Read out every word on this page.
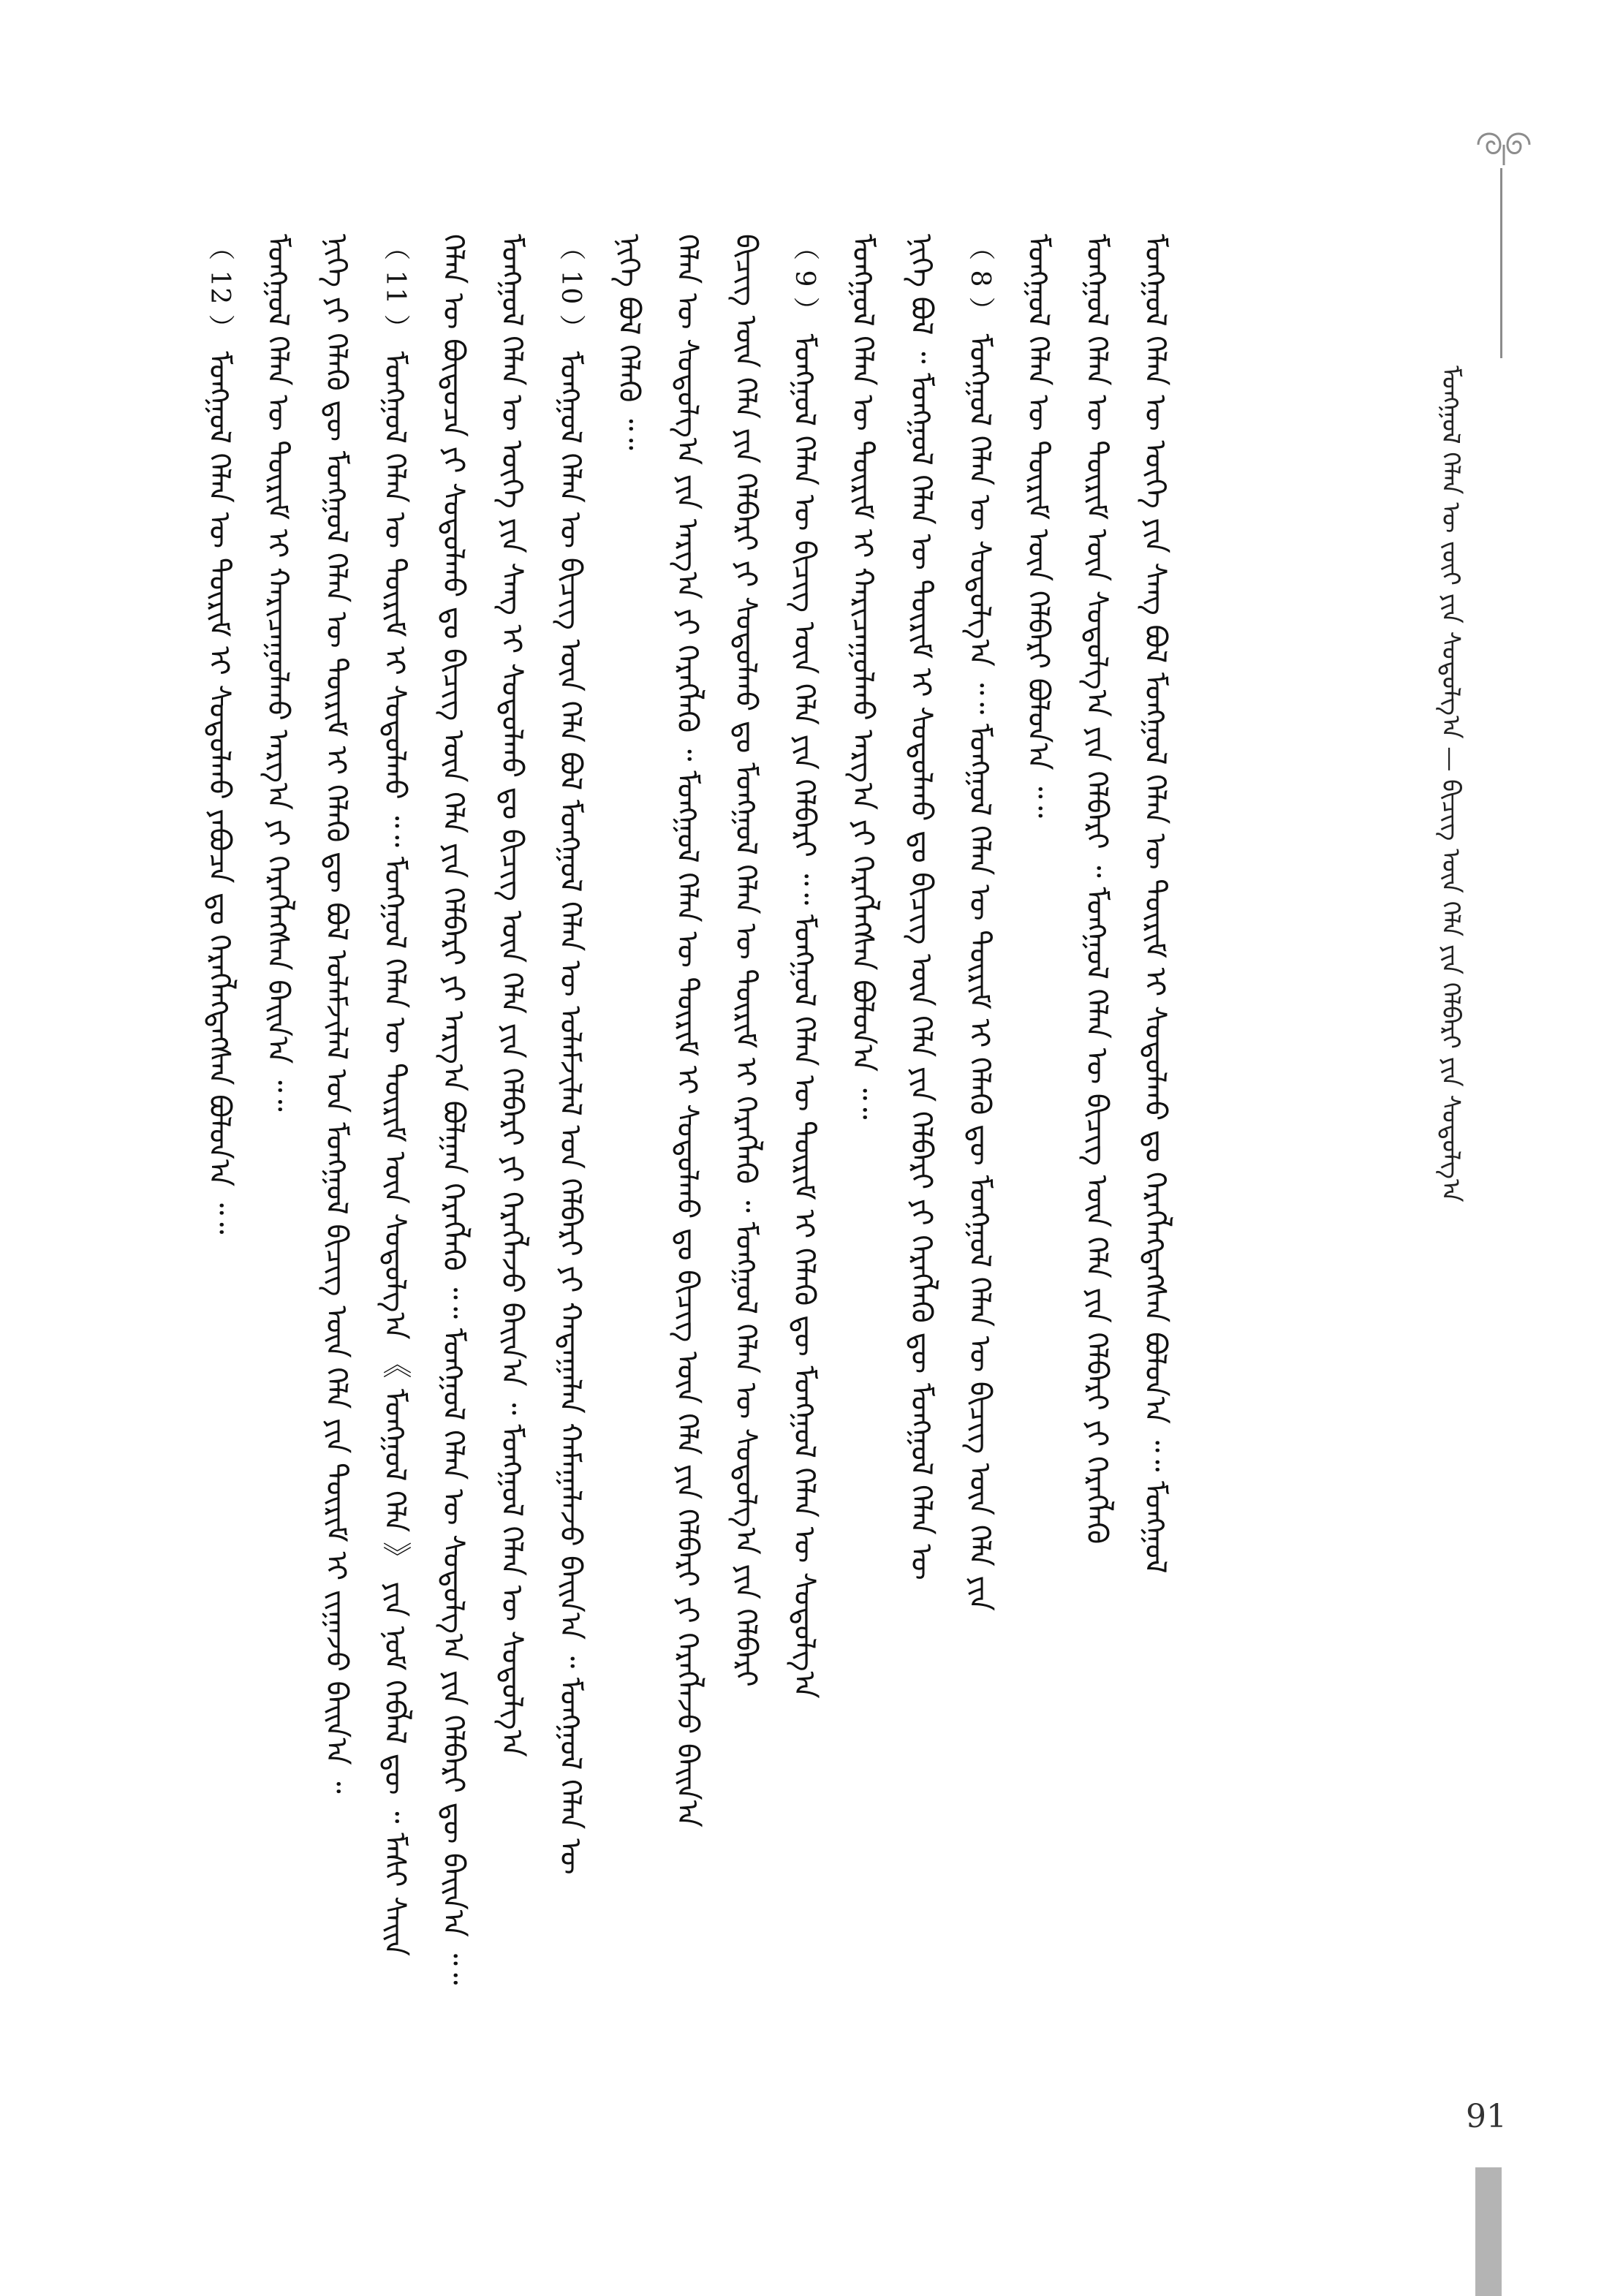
ᠮᠣᠩᠭᠣᠯ ᠬᠡᠯᠡᠨ ᠦ ᠵᠦᠢ ᠶᠢᠨ ᠰᠤᠳᠤᠯᠭ᠎ᠠ — ᠪᠢᠴᠢᠭ᠌ ᠦᠨ ᠬᠡᠯᠡ ᠶᠢᠨ ᠬᠡᠯᠪᠡᠷᠢ ᠶᠢᠨ ᠰᠤᠳᠤᠯᠭ᠎ᠠ
（ 12 ） ᠮᠣᠩᠭᠣᠯ ᠬᠡᠯᠡᠨ ᠦ ᠳᠦᠷᠢᠮ ᠢ ᠰᠤᠳᠤᠯᠬᠤ ᠶᠠᠪᠤᠴᠠ ᠳᠤ ᠬᠡᠷᠡᠭᠯᠡᠭᠳᠡᠭᠰᠡᠨ ᠪᠤᠯᠤᠨ᠎ᠠ ᠃᠃ ᠮᠣᠩᠭᠣᠯ ᠬᠡᠯᠡᠨ ᠦ ᠳᠦᠷᠢᠮ ᠢ ᠬᠠᠷᠢᠴᠠᠭᠤᠯᠬᠤ ᠠᠷᠭ᠎ᠠ ᠶᠢ ᠬᠡᠷᠡᠭᠯᠡᠭᠰᠡᠨ ᠪᠠᠢᠨ᠎ᠠ ᠃᠃ ᠨᠢᠭᠡ ᠶᠢ ᠬᠡᠯᠡᠬᠦ ᠳᠦ ᠮᠣᠩᠭᠣᠯ ᠬᠡᠯᠡᠨ ᠦ ᠳᠦᠷᠢᠮ ᠢ ᠬᠡᠯᠡᠬᠦ ᠳᠦ ᠪᠣᠯ ᠤᠯᠠᠮᠵᠢᠯᠠᠯ ᠤᠨ ᠮᠣᠩᠭᠣᠯ ᠪᠢᠴᠢᠭ ᠦᠨ ᠬᠡᠯᠡ ᠶᠢᠨ ᠳᠦᠷᠢᠮ ᠢ ᠵᠢᠭᠠᠵᠤ ᠪᠠᠢᠨ᠎ᠠ ᠃	（ 11 ） ᠮᠣᠩᠭᠣᠯ ᠬᠡᠯᠡᠨ ᠦ ᠳᠦᠷᠢᠮ ᠢ ᠰᠤᠳᠤᠯᠬᠤ ᠃᠃ ᠮᠣᠩᠭᠣᠯ ᠬᠡᠯᠡᠨ ᠦ ᠳᠦᠷᠢᠮ ᠦᠨ ᠰᠤᠳᠤᠯᠭ᠎ᠠ 《 ᠮᠣᠩᠭᠣᠯ ᠬᠡᠯᠡ 》 ᠶᠢᠨ ᠨᠣᠮ ᠬᠡᠪᠯᠡᠯ ᠳᠦ ᠃ ᠮᠠᠰᠢ ᠰᠠᠢᠨ ᠬᠡᠯᠡᠨ ᠦ ᠪᠦᠲᠦᠴᠡ ᠶᠢ ᠰᠤᠳᠤᠯᠬᠤ ᠳᠤ ᠪᠢᠴᠢᠭ ᠦᠨ ᠬᠡᠯᠡ ᠶᠢᠨ ᠬᠡᠯᠪᠡᠷᠢ ᠶᠢ ᠠᠷᠭ᠎ᠠ ᠪᠣᠯᠭᠠᠨ ᠬᠡᠷᠡᠭᠯᠡᠬᠦ ᠃᠃ ᠮᠣᠩᠭᠣᠯ ᠬᠡᠯᠡᠨ ᠦ ᠰᠤᠳᠤᠯᠭ᠎ᠠ ᠶᠢᠨ ᠬᠡᠯᠪᠡᠷᠢ ᠳᠦ ᠪᠠᠢᠨ᠎ᠠ ᠃᠃ ᠮᠣᠩᠭᠣᠯ ᠬᠡᠯᠡᠨ ᠦ ᠦᠭᠡ ᠶᠢᠨ ᠰᠠᠩ ᠢ ᠰᠤᠳᠤᠯᠬᠤ ᠳᠤ ᠪᠢᠴᠢᠭ ᠦᠨ ᠬᠡᠯᠡ ᠶᠢᠨ ᠬᠡᠯᠪᠡᠷᠢ ᠶᠢ ᠬᠡᠷᠡᠭᠯᠡᠵᠦ ᠪᠠᠢᠨ᠎ᠠ ᠃ ᠮᠣᠩᠭᠣᠯ ᠬᠡᠯᠡᠨ ᠦ ᠰᠤᠳᠤᠯᠭ᠎ᠠ	（ 10 ） ᠮᠣᠩᠭᠣᠯ ᠬᠡᠯᠡᠨ ᠦ ᠪᠢᠴᠢᠭ ᠦᠨ ᠬᠡᠯᠡ ᠪᠣᠯ ᠮᠣᠩᠭᠣᠯ ᠬᠡᠯᠡᠨ ᠦ ᠤᠯᠠᠮᠵᠢᠯᠠᠯ ᠤᠨ ᠬᠡᠯᠪᠡᠷᠢ ᠶᠢ ᠬᠠᠳᠠᠭᠠᠯᠠᠨ ᠬᠠᠮᠠᠭᠠᠯᠠᠵᠤ ᠪᠠᠢᠨ᠎ᠠ ᠃ ᠮᠣᠩᠭᠣᠯ ᠬᠡᠯᠡᠨ ᠦ
ᠨᠢᠭᠡ ᠪᠣᠯ ᠬᠡᠯᠡᠬᠦ ᠃᠃ ᠬᠡᠯᠡᠨ ᠦ ᠰᠤᠳᠤᠯᠭ᠎ᠠ ᠶᠢᠨ ᠠᠷᠭ᠎ᠠ ᠶᠢ ᠬᠡᠷᠡᠭᠯᠡᠬᠦ ᠃ ᠮᠣᠩᠭᠣᠯ ᠬᠡᠯᠡᠨ ᠦ ᠳᠦᠷᠢᠮ ᠢ ᠰᠤᠳᠤᠯᠬᠤ ᠳᠤ ᠪᠢᠴᠢᠭ ᠦᠨ ᠬᠡᠯᠡ ᠶᠢᠨ ᠬᠡᠯᠪᠡᠷᠢ ᠶᠢ ᠬᠡᠷᠡᠭᠯᠡᠵᠦ ᠪᠠᠢᠨ᠎ᠠ ᠪᠢᠴᠢᠭ ᠦᠨ ᠬᠡᠯᠡ ᠶᠢᠨ ᠬᠡᠯᠪᠡᠷᠢ ᠶᠢ ᠰᠤᠳᠤᠯᠬᠤ ᠳᠤ ᠮᠣᠩᠭᠣᠯ ᠬᠡᠯᠡᠨ ᠦ ᠳᠦᠷᠢᠮ ᠢ ᠬᠡᠷᠡᠭᠯᠡᠬᠦ ᠃ ᠮᠣᠩᠭᠣᠯ ᠬᠡᠯᠡᠨ ᠦ ᠰᠤᠳᠤᠯᠭ᠎ᠠ ᠶᠢᠨ ᠬᠡᠯᠪᠡᠷᠢ	（ 9 ） ᠮᠣᠩᠭᠣᠯ ᠬᠡᠯᠡᠨ ᠦ ᠪᠢᠴᠢᠭ ᠦᠨ ᠬᠡᠯᠡ ᠶᠢᠨ ᠬᠡᠯᠪᠡᠷᠢ ᠃᠃ ᠮᠣᠩᠭᠣᠯ ᠬᠡᠯᠡᠨ ᠦ ᠳᠦᠷᠢᠮ ᠢ ᠬᠡᠯᠡᠬᠦ ᠳᠦ ᠮᠣᠩᠭᠣᠯ ᠬᠡᠯᠡᠨ ᠦ ᠰᠤᠳᠤᠯᠭ᠎ᠠ ᠮᠣᠩᠭᠣᠯ ᠬᠡᠯᠡᠨ ᠦ ᠳᠦᠷᠢᠮ ᠢ ᠬᠠᠷᠢᠴᠠᠭᠤᠯᠬᠤ ᠠᠷᠭ᠎ᠠ ᠶᠢ ᠬᠡᠷᠡᠭᠯᠡᠭᠰᠡᠨ ᠪᠣᠯᠤᠨ᠎ᠠ ᠃᠃ ᠨᠢᠭᠡ ᠪᠣᠯ ᠃ ᠮᠣᠩᠭᠣᠯ ᠬᠡᠯᠡᠨ ᠦ ᠳᠦᠷᠢᠮ ᠢ ᠰᠤᠳᠤᠯᠬᠤ ᠳᠤ ᠪᠢᠴᠢᠭ ᠦᠨ ᠬᠡᠯᠡ ᠶᠢᠨ ᠬᠡᠯᠪᠡᠷᠢ ᠶᠢ ᠬᠡᠷᠡᠭᠯᠡᠬᠦ ᠳᠦ ᠮᠣᠩᠭᠣᠯ ᠬᠡᠯᠡᠨ ᠦ	（ 8 ） ᠮᠣᠩᠭᠣᠯ ᠬᠡᠯᠡᠨ ᠦ ᠰᠤᠳᠤᠯᠭ᠎ᠠ ᠃᠃ ᠮᠣᠩᠭᠣᠯ ᠬᠡᠯᠡᠨ ᠦ ᠳᠦᠷᠢᠮ ᠢ ᠬᠡᠯᠡᠬᠦ ᠳᠦ ᠮᠣᠩᠭᠣᠯ ᠬᠡᠯᠡᠨ ᠦ ᠪᠢᠴᠢᠭ ᠦᠨ ᠬᠡᠯᠡ ᠶᠢᠨ ᠮᠣᠩᠭᠣᠯ ᠬᠡᠯᠡᠨ ᠦ ᠳᠦᠷᠢᠮ ᠦᠨ ᠬᠡᠯᠪᠡᠷᠢ ᠪᠣᠯᠤᠨ᠎ᠠ ᠃᠃ ᠮᠣᠩᠭᠣᠯ ᠬᠡᠯᠡᠨ ᠦ ᠳᠦᠷᠢᠮ ᠦᠨ ᠰᠤᠳᠤᠯᠭ᠎ᠠ ᠶᠢᠨ ᠬᠡᠯᠪᠡᠷᠢ ᠃ ᠮᠣᠩᠭᠣᠯ ᠬᠡᠯᠡᠨ ᠦ ᠪᠢᠴᠢᠭ ᠦᠨ ᠬᠡᠯᠡ ᠶᠢᠨ ᠬᠡᠯᠪᠡᠷᠢ ᠶᠢ ᠬᠡᠷᠡᠭᠯᠡᠬᠦ ᠮᠣᠩᠭᠣᠯ ᠬᠡᠯᠡᠨ ᠦ ᠦᠭᠡ ᠶᠢᠨ ᠰᠠᠩ ᠪᠣᠯ ᠮᠣᠩᠭᠣᠯ ᠬᠡᠯᠡᠨ ᠦ ᠳᠦᠷᠢᠮ ᠢ ᠰᠤᠳᠤᠯᠬᠤ ᠳᠤ ᠬᠡᠷᠡᠭᠯᠡᠭᠳᠡᠭᠰᠡᠨ ᠪᠣᠯᠤᠨ᠎ᠠ ᠃᠃ ᠮᠣᠩᠭᠣᠯ
91
